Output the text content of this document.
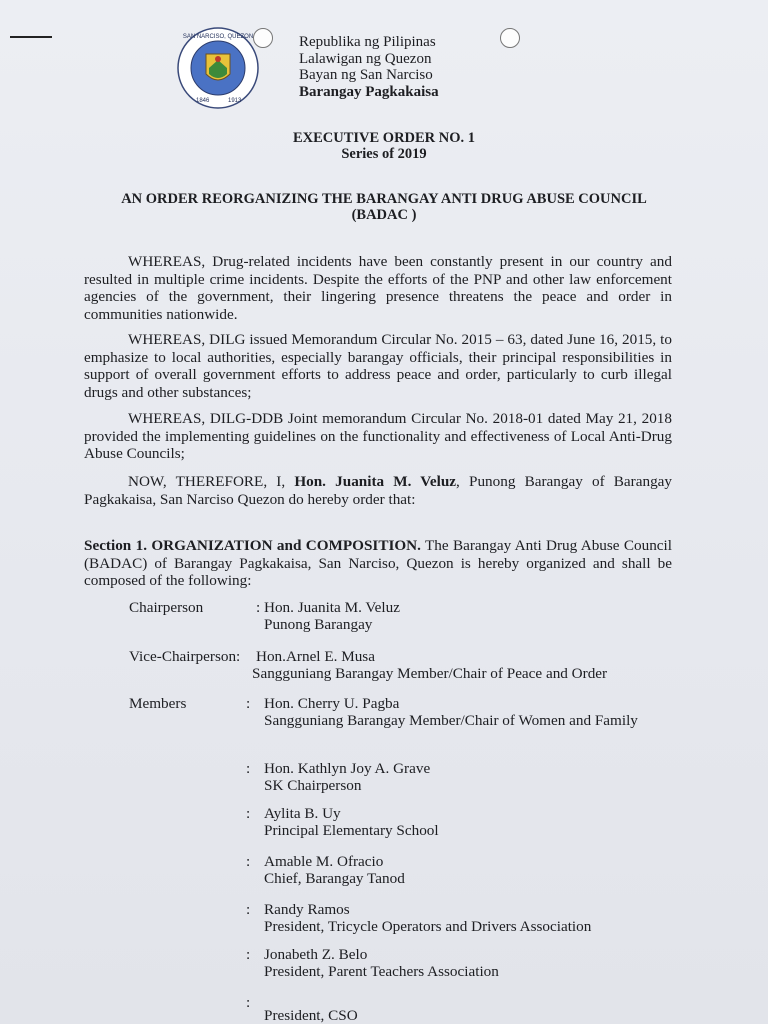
SAN NARCISO, QUEZON
1846	1913
Republika ng Pilipinas
Lalawigan ng Quezon
Bayan ng San Narciso
Barangay Pagkakaisa
EXECUTIVE ORDER NO. 1
Series of 2019
AN ORDER REORGANIZING THE BARANGAY ANTI DRUG ABUSE COUNCIL
(BADAC )
WHEREAS, Drug-related incidents have been constantly present in our country and resulted in multiple crime incidents. Despite the efforts of the PNP and other law enforcement agencies of the government, their lingering presence threatens the peace and order in communities nationwide.
WHEREAS, DILG issued Memorandum Circular No. 2015 – 63, dated June 16, 2015, to emphasize to local authorities, especially barangay officials, their principal responsibilities in support of overall government efforts to address peace and order, particularly to curb illegal drugs and other substances;
WHEREAS, DILG-DDB Joint memorandum Circular No. 2018-01 dated May 21, 2018 provided the implementing guidelines on the functionality and effectiveness of Local Anti-Drug Abuse Councils;
NOW, THEREFORE, I, Hon. Juanita M. Veluz, Punong Barangay of Barangay Pagkakaisa, San Narciso Quezon do hereby order that:
Section 1. ORGANIZATION and COMPOSITION. The Barangay Anti Drug Abuse Council (BADAC) of Barangay Pagkakaisa, San Narciso, Quezon is hereby organized and shall be composed of the following:
Chairperson	: Hon. Juanita M. Veluz
Punong Barangay
Vice-Chairperson: Hon.Arnel E. Musa
Sangguniang Barangay Member/Chair of Peace and Order
Members	: Hon. Cherry U. Pagba
Sangguniang Barangay Member/Chair of Women and Family
: Hon. Kathlyn Joy A. Grave
SK Chairperson
: Aylita B. Uy
Principal Elementary School
: Amable M. Ofracio
Chief, Barangay Tanod
: Randy Ramos
President, Tricycle Operators and Drivers Association
: Jonabeth Z. Belo
President, Parent Teachers Association
:
President, CSO
